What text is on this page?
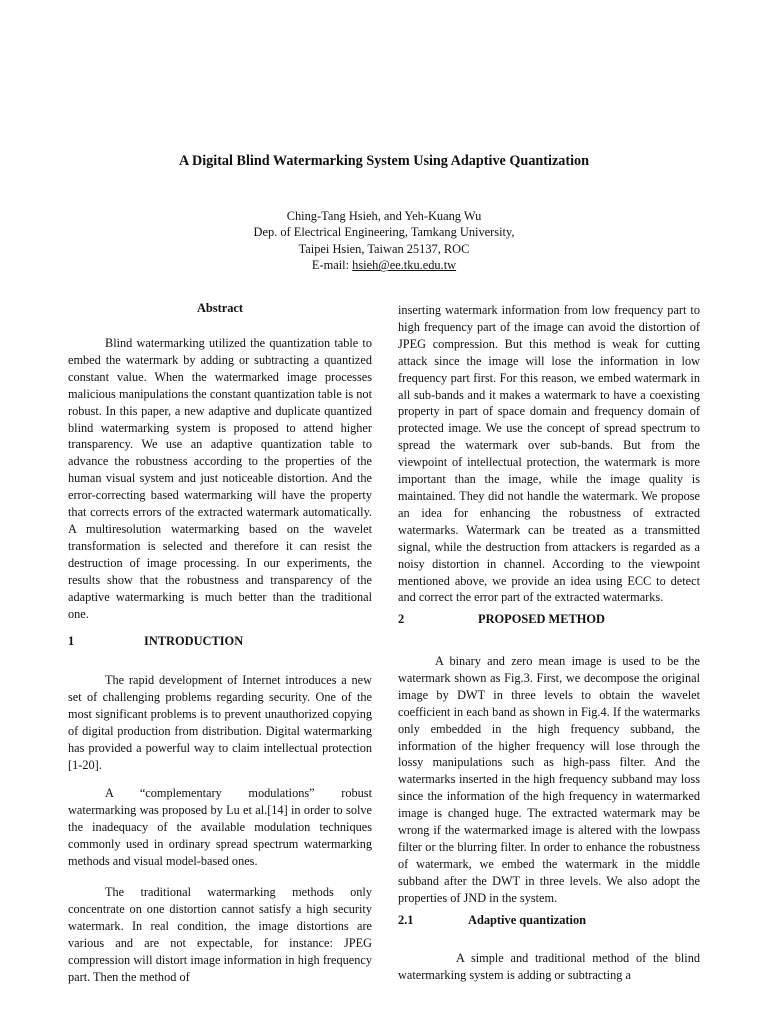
A Digital Blind Watermarking System Using Adaptive Quantization
Ching-Tang Hsieh, and Yeh-Kuang Wu
Dep. of Electrical Engineering, Tamkang University,
Taipei Hsien, Taiwan 25137, ROC
E-mail: hsieh@ee.tku.edu.tw
Abstract

Blind watermarking utilized the quantization table to embed the watermark by adding or subtracting a quantized constant value. When the watermarked image processes malicious manipulations the constant quantization table is not robust. In this paper, a new adaptive and duplicate quantized blind watermarking system is proposed to attend higher transparency. We use an adaptive quantization table to advance the robustness according to the properties of the human visual system and just noticeable distortion. And the error-correcting based watermarking will have the property that corrects errors of the extracted watermark automatically. A multiresolution watermarking based on the wavelet transformation is selected and therefore it can resist the destruction of image processing. In our experiments, the results show that the robustness and transparency of the adaptive watermarking is much better than the traditional one.

1	INTRODUCTION

The rapid development of Internet introduces a new set of challenging problems regarding security. One of the most significant problems is to prevent unauthorized copying of digital production from distribution. Digital watermarking has provided a powerful way to claim intellectual protection [1-20].

A “complementary modulations” robust watermarking was proposed by Lu et al.[14] in order to solve the inadequacy of the available modulation techniques commonly used in ordinary spread spectrum watermarking methods and visual model-based ones.

The traditional watermarking methods only concentrate on one distortion cannot satisfy a high security watermark. In real condition, the image distortions are various and are not expectable, for instance: JPEG compression will distort image information in high frequency part. Then the method of

inserting watermark information from low frequency part to high frequency part of the image can avoid the distortion of JPEG compression. But this method is weak for cutting attack since the image will lose the information in low frequency part first. For this reason, we embed watermark in all sub-bands and it makes a watermark to have a coexisting property in part of space domain and frequency domain of protected image. We use the concept of spread spectrum to spread the watermark over sub-bands. But from the viewpoint of intellectual protection, the watermark is more important than the image, while the image quality is maintained. They did not handle the watermark. We propose an idea for enhancing the robustness of extracted watermarks. Watermark can be treated as a transmitted signal, while the destruction from attackers is regarded as a noisy distortion in channel. According to the viewpoint mentioned above, we provide an idea using ECC to detect and correct the error part of the extracted watermarks.

2	PROPOSED METHOD

A binary and zero mean image is used to be the watermark shown as Fig.3. First, we decompose the original image by DWT in three levels to obtain the wavelet coefficient in each band as shown in Fig.4. If the watermarks only embedded in the high frequency subband, the information of the higher frequency will lose through the lossy manipulations such as high-pass filter. And the watermarks inserted in the high frequency subband may loss since the information of the high frequency in watermarked image is changed huge. The extracted watermark may be wrong if the watermarked image is altered with the lowpass filter or the blurring filter. In order to enhance the robustness of watermark, we embed the watermark in the middle subband after the DWT in three levels. We also adopt the properties of JND in the system.

2.1	Adaptive quantization

A simple and traditional method of the blind watermarking system is adding or subtracting a
